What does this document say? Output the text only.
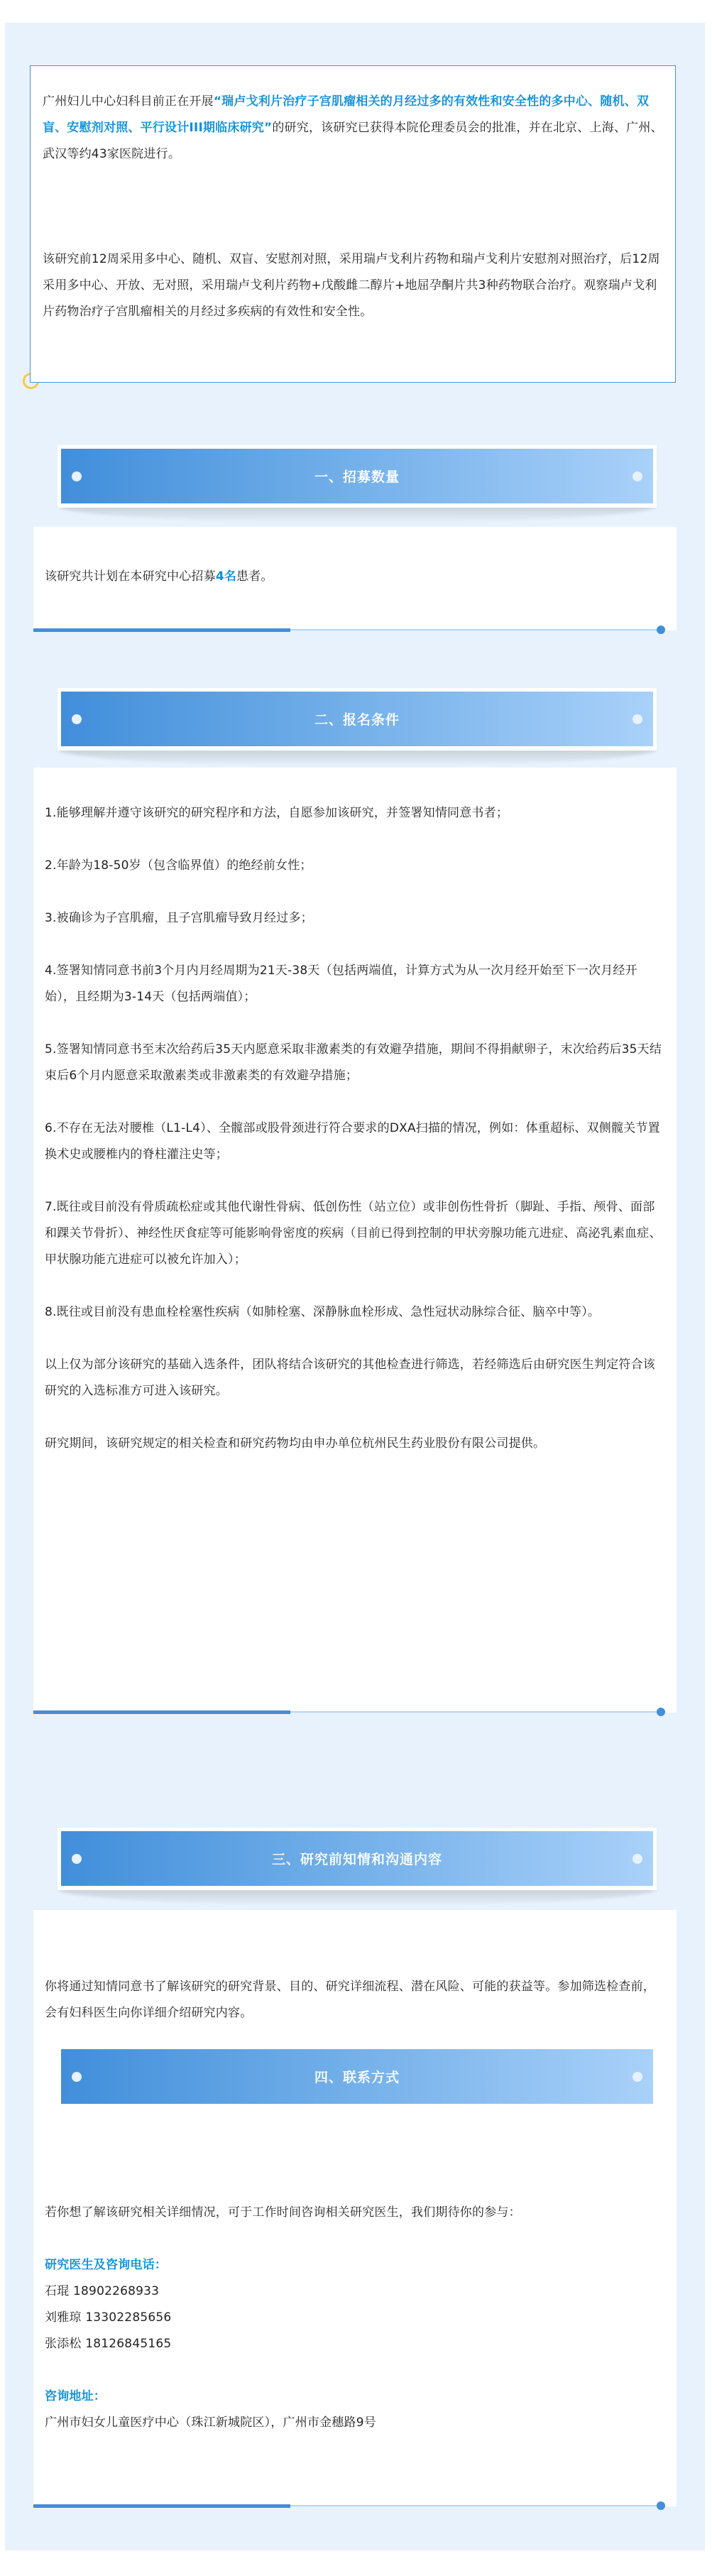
广州妇儿中心妇科目前正在开展“瑞卢戈利片治疗子宫肌瘤相关的月经过多的有效性和安全性的多中心、随机、双盲、安慰剂对照、平行设计III期临床研究”的研究，该研究已获得本院伦理委员会的批准，并在北京、上海、广州、武汉等约43家医院进行。
该研究前12周采用多中心、随机、双盲、安慰剂对照，采用瑞卢戈利片药物和瑞卢戈利片安慰剂对照治疗，后12周采用多中心、开放、无对照，采用瑞卢戈利片药物+戊酸雌二醇片+地屈孕酮片共3种药物联合治疗。观察瑞卢戈利片药物治疗子宫肌瘤相关的月经过多疾病的有效性和安全性。
一、招募数量
该研究共计划在本研究中心招募4名患者。
二、报名条件

1.能够理解并遵守该研究的研究程序和方法，自愿参加该研究，并签署知情同意书者；

2.年龄为18-50岁（包含临界值）的绝经前女性；

3.被确诊为子宫肌瘤，且子宫肌瘤导致月经过多；

4.签署知情同意书前3个月内月经周期为21天-38天（包括两端值，计算方式为从一次月经开始至下一次月经开始），且经期为3-14天（包括两端值）；

5.签署知情同意书至末次给药后35天内愿意采取非激素类的有效避孕措施，期间不得捐献卵子，末次给药后35天结束后6个月内愿意采取激素类或非激素类的有效避孕措施；

6.不存在无法对腰椎（L1-L4）、全髋部或股骨颈进行符合要求的DXA扫描的情况，例如：体重超标、双侧髋关节置换术史或腰椎内的脊柱灌注史等；

7.既往或目前没有骨质疏松症或其他代谢性骨病、低创伤性（站立位）或非创伤性骨折（脚趾、手指、颅骨、面部和踝关节骨折）、神经性厌食症等可能影响骨密度的疾病（目前已得到控制的甲状旁腺功能亢进症、高泌乳素血症、甲状腺功能亢进症可以被允许加入）；

8.既往或目前没有患血栓栓塞性疾病（如肺栓塞、深静脉血栓形成、急性冠状动脉综合征、脑卒中等）。

以上仅为部分该研究的基础入选条件，团队将结合该研究的其他检查进行筛选，若经筛选后由研究医生判定符合该研究的入选标准方可进入该研究。

研究期间，该研究规定的相关检查和研究药物均由申办单位杭州民生药业股份有限公司提供。

三、研究前知情和沟通内容
你将通过知情同意书了解该研究的研究背景、目的、研究详细流程、潜在风险、可能的获益等。参加筛选检查前，会有妇科医生向你详细介绍研究内容。
四、联系方式

若你想了解该研究相关详细情况，可于工作时间咨询相关研究医生，我们期待你的参与：

研究医生及咨询电话：
石琨 18902268933
刘雅琼 13302285656
张添松 18126845165
咨询地址：
广州市妇女儿童医疗中心（珠江新城院区），广州市金穗路9号
